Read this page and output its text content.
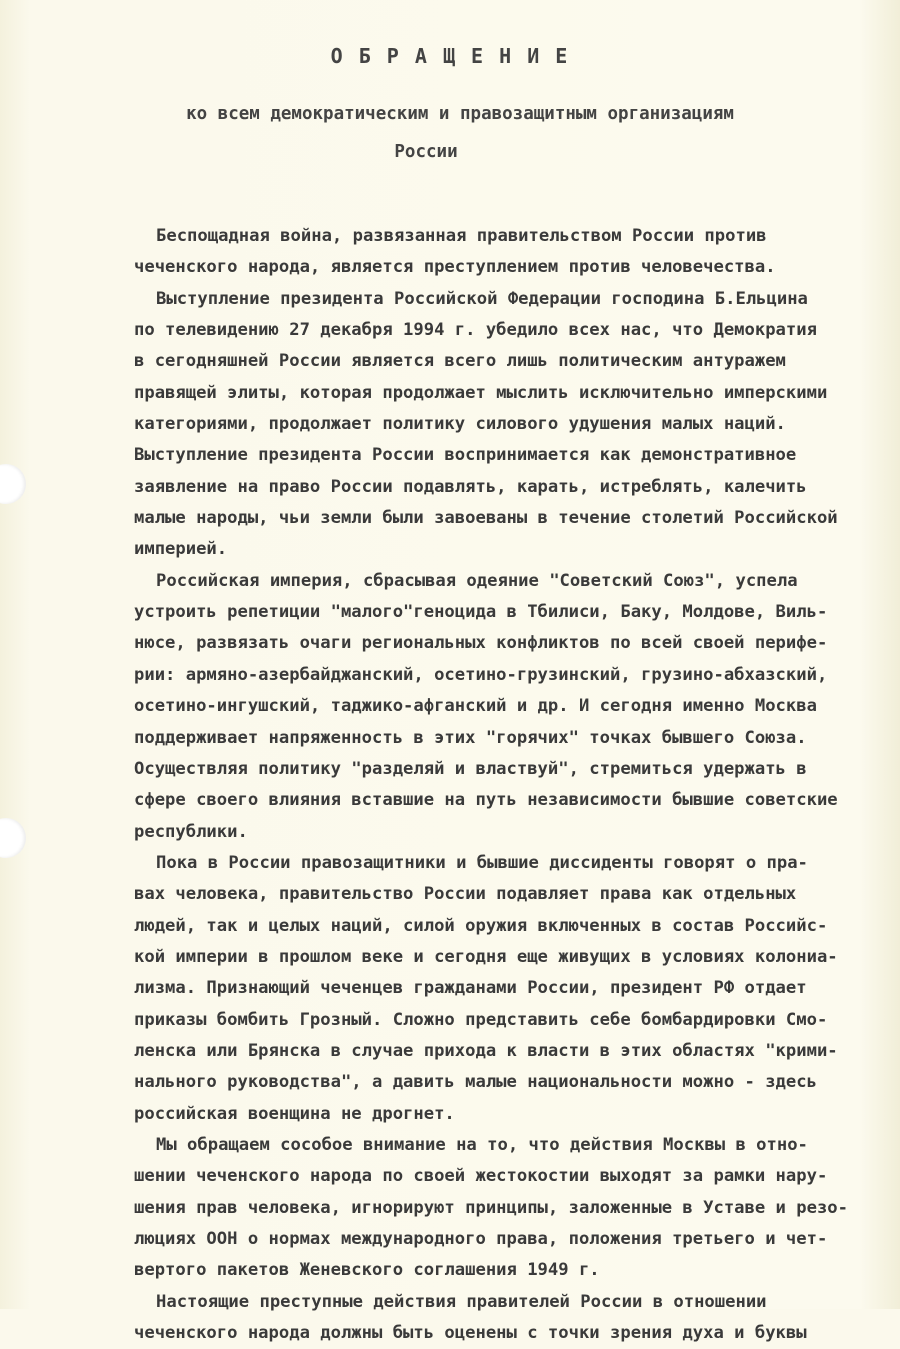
О Б Р А Щ Е Н И Е
ко всем демократическим и правозащитным организациям
России
Беспощадная война, развязанная правительством России против
чеченского народа, является преступлением против человечества.
Выступление президента Российской Федерации господина Б.Ельцина
по телевидению 27 декабря 1994 г. убедило всех нас, что Демократия
в сегодняшней России является всего лишь политическим антуражем
правящей элиты, которая продолжает мыслить исключительно имперскими
категориями, продолжает политику силового удушения малых наций.
Выступление президента России воспринимается как демонстративное
заявление на право России подавлять, карать, истреблять, калечить
малые народы, чьи земли были завоеваны в течение столетий Российской
империей.
Российская империя, сбрасывая одеяние "Советский Союз", успела
устроить репетиции "малого"геноцида в Тбилиси, Баку, Молдове, Виль-
нюсе, развязать очаги региональных конфликтов по всей своей перифе-
рии: армяно-азербайджанский, осетино-грузинский, грузино-абхазский,
осетино-ингушский, таджико-афганский и др. И сегодня именно Москва
поддерживает напряженность в этих "горячих" точках бывшего Союза.
Осуществляя политику "разделяй и властвуй", стремиться удержать в
сфере своего влияния вставшие на путь независимости бывшие советские
республики.
Пока в России правозащитники и бывшие диссиденты говорят о пра-
вах человека, правительство России подавляет права как отдельных
людей, так и целых наций, силой оружия включенных в состав Российс-
кой империи в прошлом веке и сегодня еще живущих в условиях колониа-
лизма. Признающий чеченцев гражданами России, президент РФ отдает
приказы бомбить Грозный. Сложно представить себе бомбардировки Смо-
ленска или Брянска в случае прихода к власти в этих областях "крими-
нального руководства", а давить малые национальности можно - здесь
российская военщина не дрогнет.
Мы обращаем сособое внимание на то, что действия Москвы в отно-
шении чеченского народа по своей жестокостии выходят за рамки нару-
шения прав человека, игнорируют принципы, заложенные в Уставе и резо-
люциях ООН о нормах международного права, положения третьего и чет-
вертого пакетов Женевского соглашения 1949 г.
Настоящие преступные действия правителей России в отношении
чеченского народа должны быть оценены с точки зрения духа и буквы
